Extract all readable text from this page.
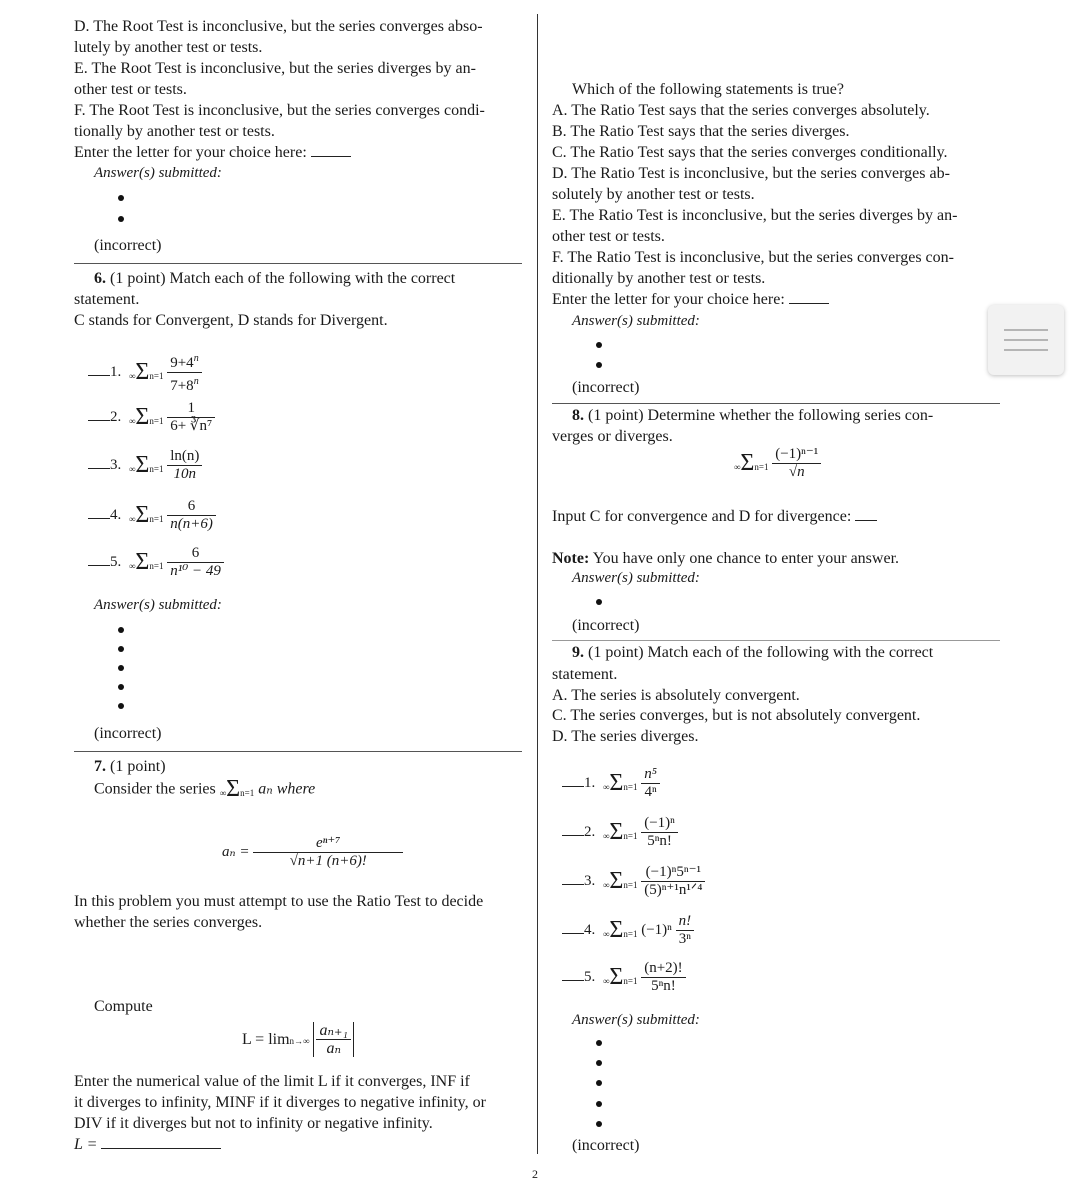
D. The Root Test is inconclusive, but the series converges abso-
lutely by another test or tests.
E. The Root Test is inconclusive, but the series diverges by an-
other test or tests.
F. The Root Test is inconclusive, but the series converges condi-
tionally by another test or tests.
Enter the letter for your choice here:
Answer(s) submitted:
(incorrect)
6. (1 point) Match each of the following with the correct
statement.
C stands for Convergent, D stands for Divergent.
1. $\infty\Sigma n=1 \frac{9+4^n}{7+8^n}$
2. $\infty\Sigma n=1 \frac{1}{\text{6+ ∛n⁷}}$
3. $\infty\Sigma n=1 \frac{\ln(n)}{10n}$
4. $\infty\Sigma n=1 \frac{6}{n(n+6)}$
5. $\infty\Sigma n=1 \frac{6}{\text{n¹⁰ − 49}}$
Answer(s) submitted:
(incorrect)
7. (1 point)
Consider the series ∞Σn=1 aₙ where
$a_n = \frac{\text{eⁿ⁺⁷}}{√n+1 (n+6)!}$
In this problem you must attempt to use the Ratio Test to decide
whether the series converges.
Compute
$L = \lim n\to\infty \frac{\text{aₙ₊₁}}{\text{aₙ}}$
Enter the numerical value of the limit L if it converges, INF if
it diverges to infinity, MINF if it diverges to negative infinity, or
DIV if it diverges but not to infinity or negative infinity.
L =
Which of the following statements is true?
A. The Ratio Test says that the series converges absolutely.
B. The Ratio Test says that the series diverges.
C. The Ratio Test says that the series converges conditionally.
D. The Ratio Test is inconclusive, but the series converges ab-
solutely by another test or tests.
E. The Ratio Test is inconclusive, but the series diverges by an-
other test or tests.
F. The Ratio Test is inconclusive, but the series converges con-
ditionally by another test or tests.
Enter the letter for your choice here:
Answer(s) submitted:
(incorrect)
8. (1 point) Determine whether the following series con-
verges or diverges.
$\infty\Sigma n=1 \frac{\text{(−1)ⁿ⁻¹}}{√n}$
Input C for convergence and D for divergence:
Note: You have only one chance to enter your answer.
Answer(s) submitted:
(incorrect)
9. (1 point) Match each of the following with the correct
statement.
A. The series is absolutely convergent.
C. The series converges, but is not absolutely convergent.
D. The series diverges.
1. $\infty\Sigma n=1 \frac{\text{n⁵}}{\text{4ⁿ}}$
2. $\infty\Sigma n=1 \frac{\text{(−1)ⁿ}}{\text{5ⁿn!}}$
3. $\infty\Sigma n=1 \frac{\text{(−1)ⁿ5ⁿ⁻¹}}{\text{(5)ⁿ⁺¹n¹ᐟ⁴}}$
4. ∞Σn=1 $(-1)^n \frac{n!}{\text{3ⁿ}}$
5. $\infty\Sigma n=1 \frac{(n+2)!}{\text{5ⁿn!}}$
Answer(s) submitted:
(incorrect)
2
